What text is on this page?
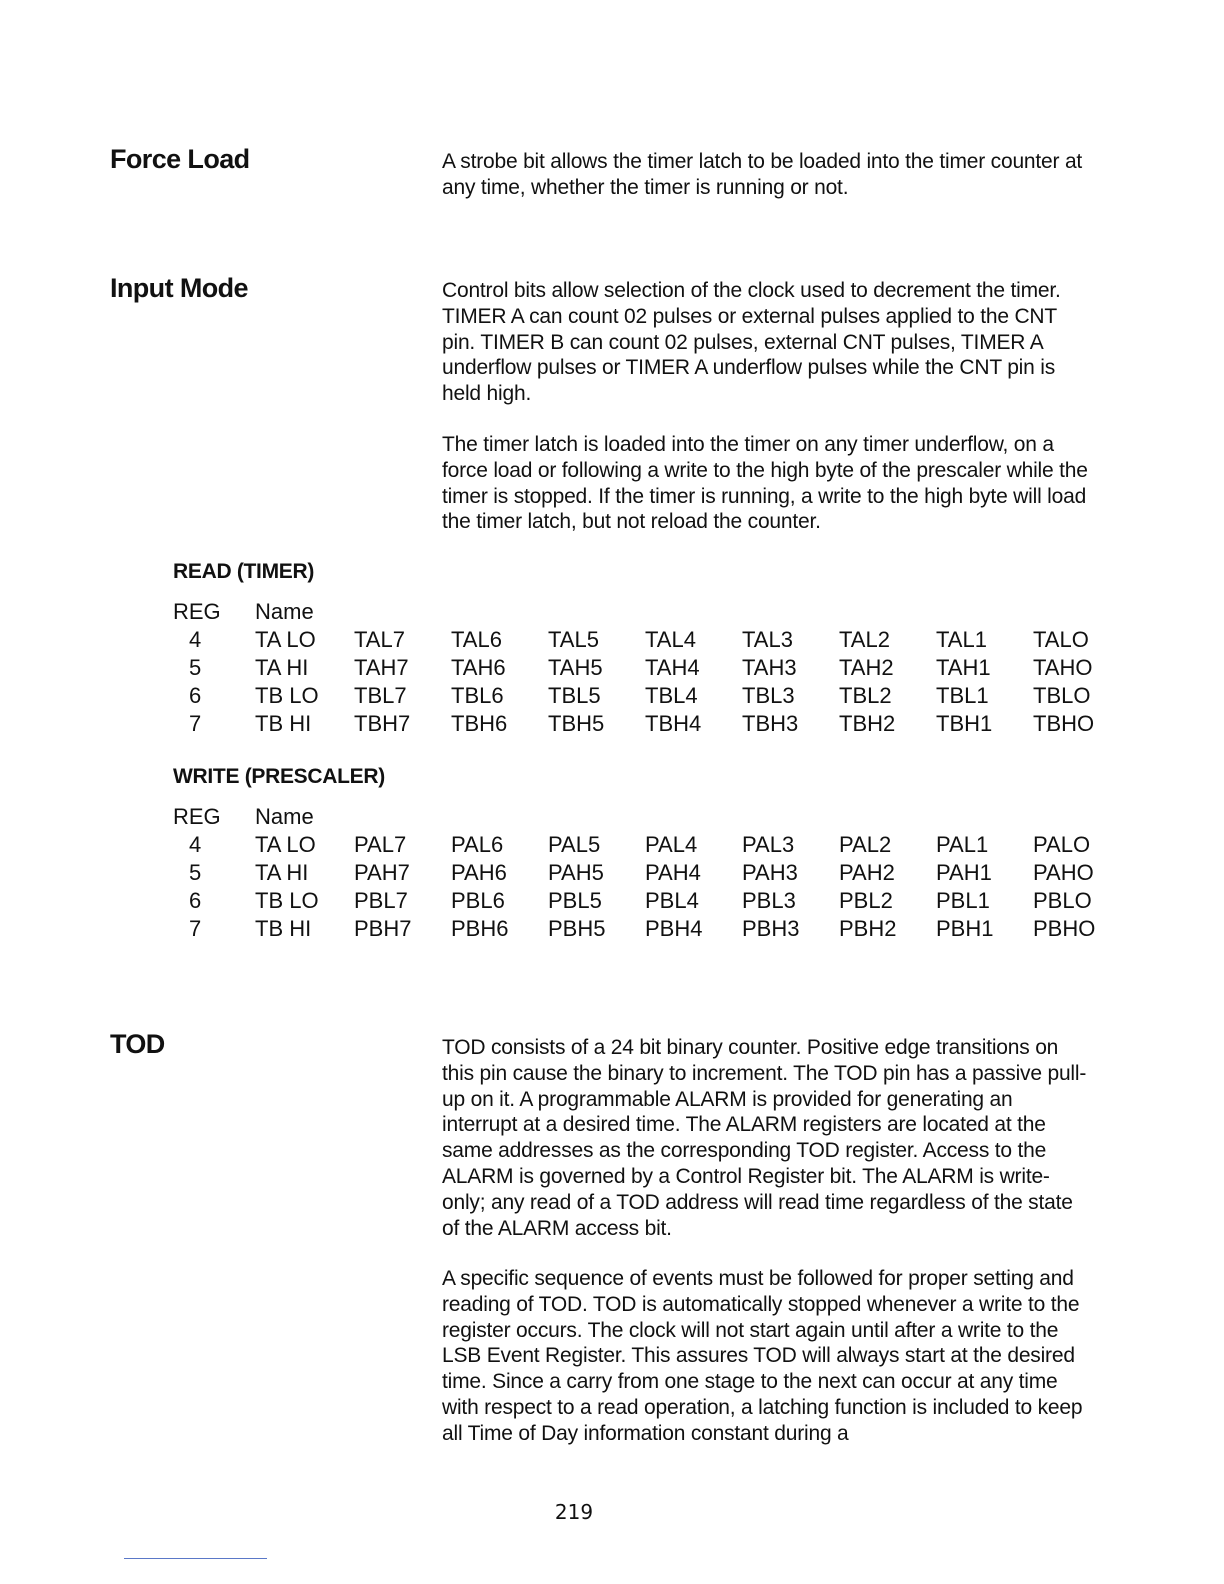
Force Load	A strobe bit allows the timer latch to be loaded into the timer counter at any time, whether the timer is running or not.

Input Mode	Control bits allow selection of the clock used to decrement the timer. TIMER A can count 02 pulses or external pulses applied to the CNT pin. TIMER B can count 02 pulses, external CNT pulses, TIMER A underflow pulses or TIMER A underflow pulses while the CNT pin is held high.

The timer latch is loaded into the timer on any timer underflow, on a force load or following a write to the high byte of the prescaler while the timer is stopped. If the timer is running, a write to the high byte will load the timer latch, but not reload the counter.

READ (TIMER)
REG	Name								
4	TA LO	TAL7	TAL6	TAL5	TAL4	TAL3	TAL2	TAL1	TALO
5	TA HI	TAH7	TAH6	TAH5	TAH4	TAH3	TAH2	TAH1	TAHO
6	TB LO	TBL7	TBL6	TBL5	TBL4	TBL3	TBL2	TBL1	TBLO
7	TB HI	TBH7	TBH6	TBH5	TBH4	TBH3	TBH2	TBH1	TBHO
WRITE (PRESCALER)
REG	Name								
4	TA LO	PAL7	PAL6	PAL5	PAL4	PAL3	PAL2	PAL1	PALO
5	TA HI	PAH7	PAH6	PAH5	PAH4	PAH3	PAH2	PAH1	PAHO
6	TB LO	PBL7	PBL6	PBL5	PBL4	PBL3	PBL2	PBL1	PBLO
7	TB HI	PBH7	PBH6	PBH5	PBH4	PBH3	PBH2	PBH1	PBHO
TOD	TOD consists of a 24 bit binary counter. Positive edge transitions on this pin cause the binary to increment. The TOD pin has a passive pull-up on it. A programmable ALARM is provided for generating an interrupt at a desired time. The ALARM registers are located at the same addresses as the corresponding TOD register. Access to the ALARM is governed by a Control Register bit. The ALARM is write-only; any read of a TOD address will read time regardless of the state of the ALARM access bit.

A specific sequence of events must be followed for proper setting and reading of TOD. TOD is automatically stopped whenever a write to the register occurs. The clock will not start again until after a write to the LSB Event Register. This assures TOD will always start at the desired time. Since a carry from one stage to the next can occur at any time with respect to a read operation, a latching function is included to keep all Time of Day information constant during a

219
